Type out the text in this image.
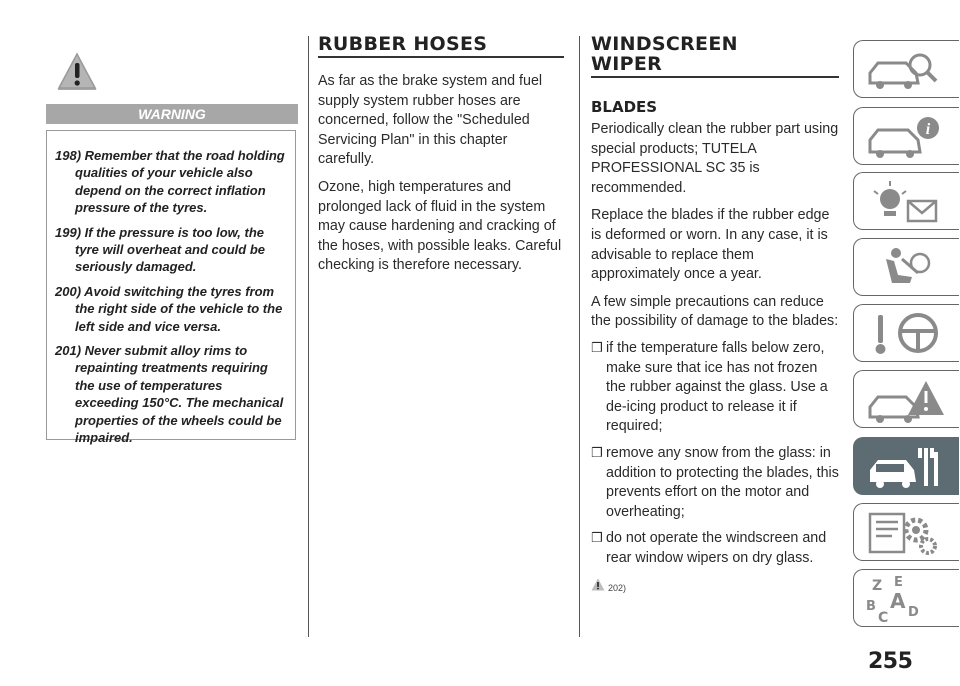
WARNING

198) Remember that the road holding qualities of your vehicle also depend on the correct inflation pressure of the tyres.

199) If the pressure is too low, the tyre will overheat and could be seriously damaged.

200) Avoid switching the tyres from the right side of the vehicle to the left side and vice versa.

201) Never submit alloy rims to repainting treatments requiring the use of temperatures exceeding 150°C. The mechanical properties of the wheels could be impaired.

RUBBER HOSES

As far as the brake system and fuel supply system rubber hoses are concerned, follow the "Scheduled Servicing Plan" in this chapter carefully.

Ozone, high temperatures and prolonged lack of fluid in the system may cause hardening and cracking of the hoses, with possible leaks. Careful checking is therefore necessary.

WINDSCREEN
WIPER
BLADES

Periodically clean the rubber part using special products; TUTELA PROFESSIONAL SC 35 is recommended.

Replace the blades if the rubber edge is deformed or worn. In any case, it is advisable to replace them approximately once a year.

A few simple precautions can reduce the possibility of damage to the blades:

❒ if the temperature falls below zero, make sure that ice has not frozen the rubber against the glass. Use a de-icing product to release it if required;

❒ remove any snow from the glass: in addition to protecting the blades, this prevents effort on the motor and overheating;

❒ do not operate the windscreen and rear window wipers on dry glass.

202)
i
Z E
B A
C D
255
